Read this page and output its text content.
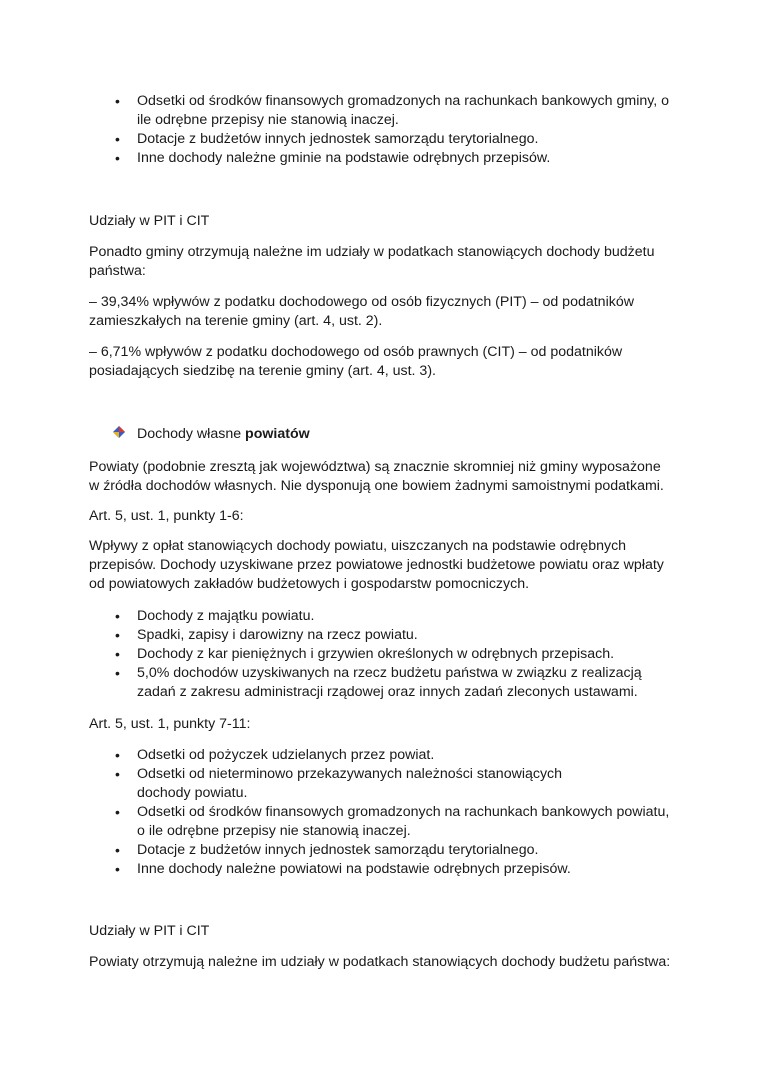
• Odsetki od środków finansowych gromadzonych na rachunkach bankowych gminy, o ile odrębne przepisy nie stanowią inaczej.
• Dotacje z budżetów innych jednostek samorządu terytorialnego.
• Inne dochody należne gminie na podstawie odrębnych przepisów.
Udziały w PIT i CIT
Ponadto gminy otrzymują należne im udziały w podatkach stanowiących dochody budżetu państwa:
– 39,34% wpływów z podatku dochodowego od osób fizycznych (PIT) – od podatników zamieszkałych na terenie gminy (art. 4, ust. 2).
– 6,71% wpływów z podatku dochodowego od osób prawnych (CIT) – od podatników posiadających siedzibę na terenie gminy (art. 4, ust. 3).
Dochody własne powiatów
Powiaty (podobnie zresztą jak województwa) są znacznie skromniej niż gminy wyposażone w źródła dochodów własnych. Nie dysponują one bowiem żadnymi samoistnymi podatkami.
Art. 5, ust. 1, punkty 1-6:
Wpływy z opłat stanowiących dochody powiatu, uiszczanych na podstawie odrębnych przepisów. Dochody uzyskiwane przez powiatowe jednostki budżetowe powiatu oraz wpłaty od powiatowych zakładów budżetowych i gospodarstw pomocniczych.
• Dochody z majątku powiatu.
• Spadki, zapisy i darowizny na rzecz powiatu.
• Dochody z kar pieniężnych i grzywien określonych w odrębnych przepisach.
• 5,0% dochodów uzyskiwanych na rzecz budżetu państwa w związku z realizacją zadań z zakresu administracji rządowej oraz innych zadań zleconych ustawami.
Art. 5, ust. 1, punkty 7-11:
• Odsetki od pożyczek udzielanych przez powiat.
• Odsetki od nieterminowo przekazywanych należności stanowiących dochody powiatu.
• Odsetki od środków finansowych gromadzonych na rachunkach bankowych powiatu, o ile odrębne przepisy nie stanowią inaczej.
• Dotacje z budżetów innych jednostek samorządu terytorialnego.
• Inne dochody należne powiatowi na podstawie odrębnych przepisów.
Udziały w PIT i CIT
Powiaty otrzymują należne im udziały w podatkach stanowiących dochody budżetu państwa:
